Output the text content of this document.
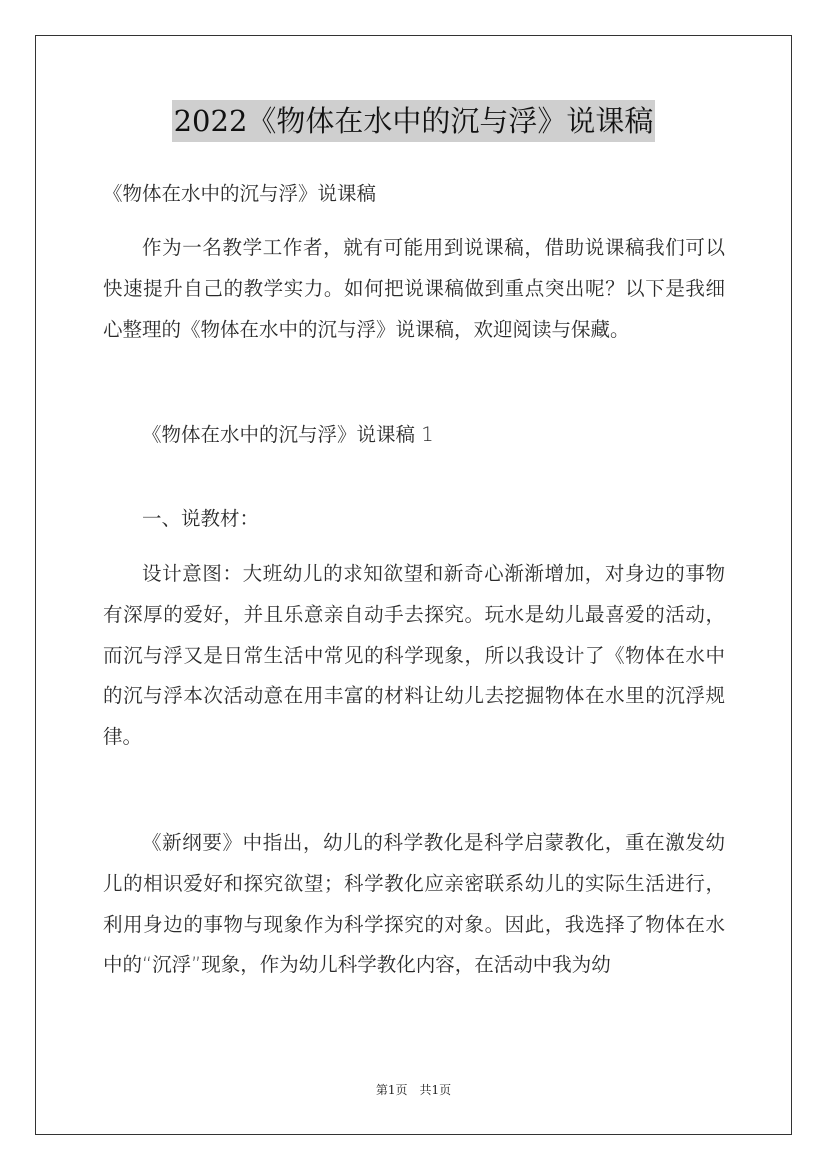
2022《物体在水中的沉与浮》说课稿

《物体在水中的沉与浮》说课稿

作为一名教学工作者，就有可能用到说课稿，借助说课稿我们可以快速提升自己的教学实力。如何把说课稿做到重点突出呢？以下是我细心整理的《物体在水中的沉与浮》说课稿，欢迎阅读与保藏。

《物体在水中的沉与浮》说课稿 1

一、说教材：

设计意图：大班幼儿的求知欲望和新奇心渐渐增加，对身边的事物有深厚的爱好，并且乐意亲自动手去探究。玩水是幼儿最喜爱的活动，而沉与浮又是日常生活中常见的科学现象，所以我设计了《物体在水中的沉与浮本次活动意在用丰富的材料让幼儿去挖掘物体在水里的沉浮规律。

《新纲要》中指出，幼儿的科学教化是科学启蒙教化，重在激发幼儿的相识爱好和探究欲望；科学教化应亲密联系幼儿的实际生活进行，利用身边的事物与现象作为科学探究的对象。因此，我选择了物体在水中的“沉浮”现象，作为幼儿科学教化内容，在活动中我为幼

第1页　共1页
